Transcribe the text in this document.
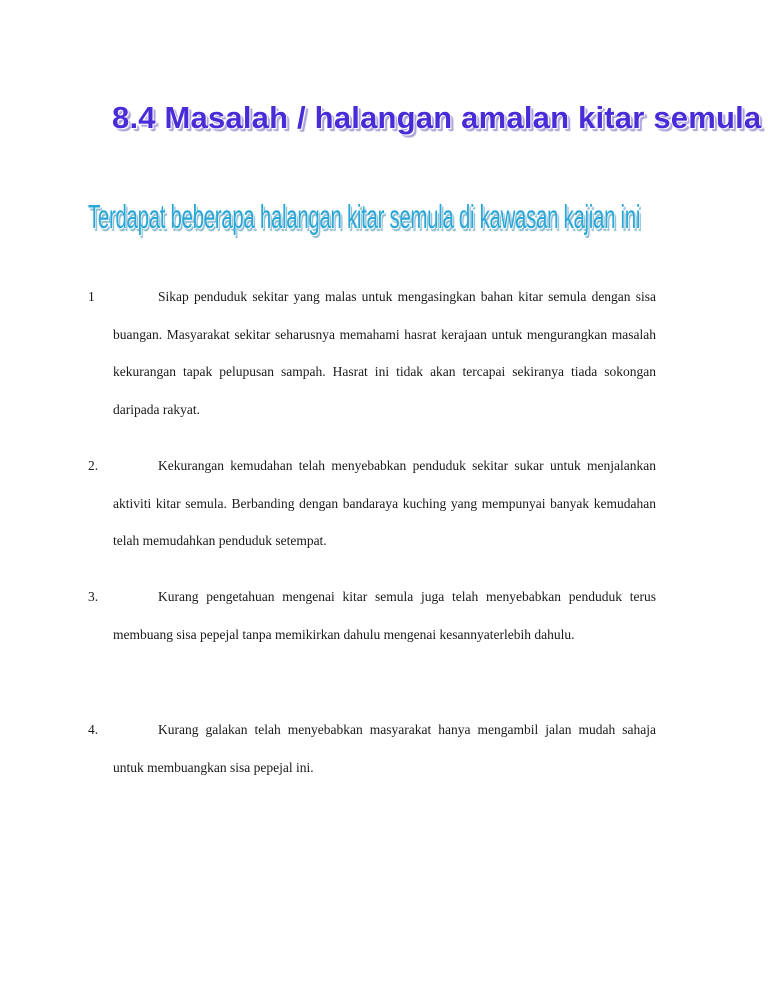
8.4 Masalah / halangan amalan kitar semula
Terdapat beberapa halangan kitar semula di kawasan kajian ini
1	Sikap penduduk sekitar yang malas untuk mengasingkan bahan kitar semula dengan sisa buangan. Masyarakat sekitar seharusnya memahami hasrat kerajaan untuk mengurangkan masalah kekurangan tapak pelupusan sampah. Hasrat ini tidak akan tercapai sekiranya tiada sokongan daripada rakyat.

2.	Kekurangan kemudahan telah menyebabkan penduduk sekitar sukar untuk menjalankan aktiviti kitar semula. Berbanding dengan bandaraya kuching yang mempunyai banyak kemudahan telah memudahkan penduduk setempat.

3.	Kurang pengetahuan mengenai kitar semula juga telah menyebabkan penduduk terus membuang sisa pepejal tanpa memikirkan dahulu mengenai kesannyaterlebih dahulu.

4.	Kurang galakan telah menyebabkan masyarakat hanya mengambil jalan mudah sahaja untuk membuangkan sisa pepejal ini.
